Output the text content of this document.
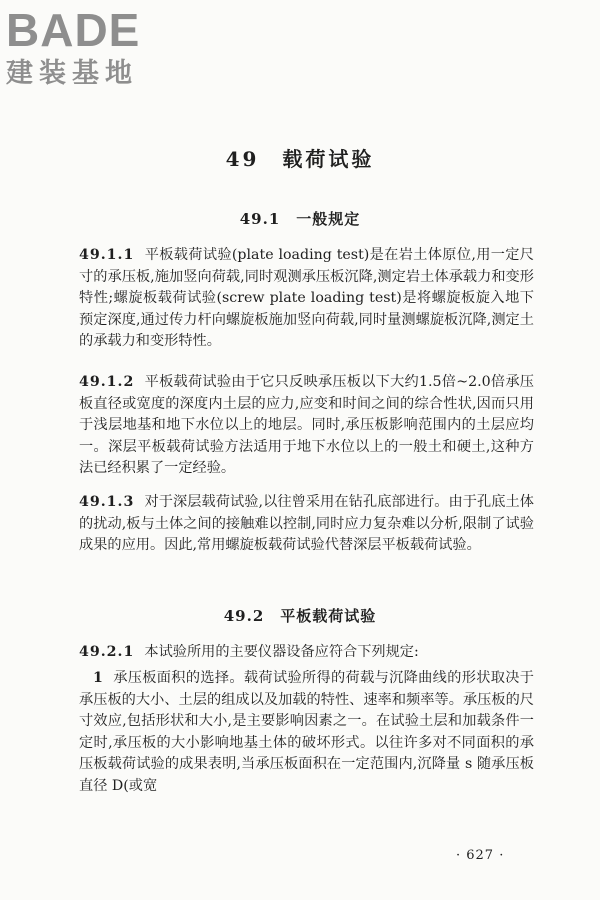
BADE
建装基地
49　载荷试验
49.1　一般规定
49.1.1 平板载荷试验(plate loading test)是在岩土体原位,用一定尺寸的承压板,施加竖向荷载,同时观测承压板沉降,测定岩土体承载力和变形特性;螺旋板载荷试验(screw plate loading test)是将螺旋板旋入地下预定深度,通过传力杆向螺旋板施加竖向荷载,同时量测螺旋板沉降,测定土的承载力和变形特性。
49.1.2 平板载荷试验由于它只反映承压板以下大约1.5倍~2.0倍承压板直径或宽度的深度内土层的应力,应变和时间之间的综合性状,因而只用于浅层地基和地下水位以上的地层。同时,承压板影响范围内的土层应均一。深层平板载荷试验方法适用于地下水位以上的一般土和硬土,这种方法已经积累了一定经验。
49.1.3 对于深层载荷试验,以往曾采用在钻孔底部进行。由于孔底土体的扰动,板与土体之间的接触难以控制,同时应力复杂难以分析,限制了试验成果的应用。因此,常用螺旋板载荷试验代替深层平板载荷试验。
49.2　平板载荷试验
49.2.1 本试验所用的主要仪器设备应符合下列规定:
1 承压板面积的选择。载荷试验所得的荷载与沉降曲线的形状取决于承压板的大小、土层的组成以及加载的特性、速率和频率等。承压板的尺寸效应,包括形状和大小,是主要影响因素之一。在试验土层和加载条件一定时,承压板的大小影响地基土体的破坏形式。以往许多对不同面积的承压板载荷试验的成果表明,当承压板面积在一定范围内,沉降量 s 随承压板直径 D(或宽
· 627 ·
